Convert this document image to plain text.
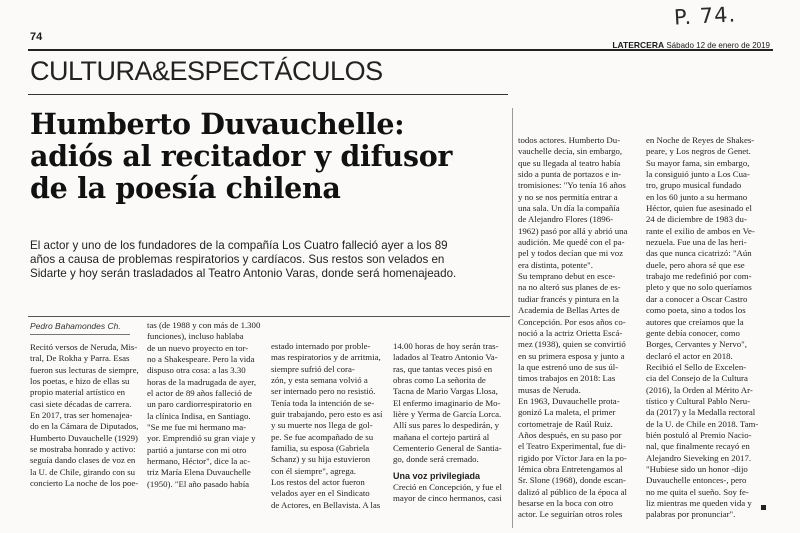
P. 74.
74
LATERCERA Sábado 12 de enero de 2019
CULTURA&ESPECTÁCULOS
Humberto Duvauchelle:
adiós al recitador y difusor
de la poesía chilena
El actor y uno de los fundadores de la compañía Los Cuatro falleció ayer a los 89
años a causa de problemas respiratorios y cardíacos. Sus restos son velados en
Sidarte y hoy serán trasladados al Teatro Antonio Varas, donde será homenajeado.
Pedro Bahamondes Ch.
Recitó versos de Neruda, Mis-
tral, De Rokha y Parra. Esas
fueron sus lecturas de siempre,
los poetas, e hizo de ellas su
propio material artístico en
casi siete décadas de carrera.
En 2017, tras ser homenajea-
do en la Cámara de Diputados,
Humberto Duvauchelle (1929)
se mostraba honrado y activo:
seguía dando clases de voz en
la U. de Chile, girando con su
concierto La noche de los poe-
tas (de 1988 y con más de 1.300
funciones), incluso hablaba
de un nuevo proyecto en tor-
no a Shakespeare. Pero la vida
dispuso otra cosa: a las 3.30
horas de la madrugada de ayer,
el actor de 89 años falleció de
un paro cardiorrespiratorio en
la clínica Indisa, en Santiago.
"Se me fue mi hermano ma-
yor. Emprendió su gran viaje y
partió a juntarse con mi otro
hermano, Héctor", dice la ac-
triz María Elena Duvauchelle
(1950). "El año pasado había
estado internado por proble-
mas respiratorios y de arritmia,
siempre sufrió del cora-
zón, y esta semana volvió a
ser internado pero no resistió.
Tenía toda la intención de se-
guir trabajando, pero esto es así
y su muerte nos llega de gol-
pe. Se fue acompañado de su
familia, su esposa (Gabriela
Schanz) y su hija estuvieron
con él siempre", agrega.
Los restos del actor fueron
velados ayer en el Sindicato
de Actores, en Bellavista. A las
14.00 horas de hoy serán tras-
ladados al Teatro Antonio Va-
ras, que tantas veces pisó en
obras como La señorita de
Tacna de Mario Vargas Llosa,
El enfermo imaginario de Mo-
lière y Yerma de García Lorca.
Allí sus pares lo despedirán, y
mañana el cortejo partirá al
Cementerio General de Santia-
go, donde será cremado.
Una voz privilegiada
Creció en Concepción, y fue el
mayor de cinco hermanos, casi
todos actores. Humberto Du-
vauchelle decía, sin embargo,
que su llegada al teatro había
sido a punta de portazos e in-
tromisiones: "Yo tenía 16 años
y no se nos permitía entrar a
una sala. Un día la compañía
de Alejandro Flores (1896-
1962) pasó por allá y abrió una
audición. Me quedé con el pa-
pel y todos decían que mi voz
era distinta, potente".
Su temprano debut en esce-
na no alteró sus planes de es-
tudiar francés y pintura en la
Academia de Bellas Artes de
Concepción. Por esos años co-
noció a la actriz Orietta Escá-
mez (1938), quien se convirtió
en su primera esposa y junto a
la que estrenó uno de sus úl-
timos trabajos en 2018: Las
musas de Neruda.
En 1963, Duvauchelle prota-
gonizó La maleta, el primer
cortometraje de Raúl Ruiz.
Años después, en su paso por
el Teatro Experimental, fue di-
rigido por Víctor Jara en la po-
lémica obra Entretengamos al
Sr. Slone (1968), donde escan-
dalizó al público de la época al
besarse en la boca con otro
actor. Le seguirían otros roles
en Noche de Reyes de Shakes-
peare, y Los negros de Genet.
Su mayor fama, sin embargo,
la consiguió junto a Los Cua-
tro, grupo musical fundado
en los 60 junto a su hermano
Héctor, quien fue asesinado el
24 de diciembre de 1983 du-
rante el exilio de ambos en Ve-
nezuela. Fue una de las heri-
das que nunca cicatrizó: "Aún
duele, pero ahora sé que ese
trabajo me redefinió por com-
pleto y que no solo queríamos
dar a conocer a Oscar Castro
como poeta, sino a todos los
autores que creíamos que la
gente debía conocer, como
Borges, Cervantes y Nervo",
declaró el actor en 2018.
Recibió el Sello de Excelen-
cia del Consejo de la Cultura
(2016), la Orden al Mérito Ar-
tístico y Cultural Pablo Neru-
da (2017) y la Medalla rectoral
de la U. de Chile en 2018. Tam-
bién postuló al Premio Nacio-
nal, que finalmente recayó en
Alejandro Sieveking en 2017.
"Hubiese sido un honor -dijo
Duvauchelle entonces-, pero
no me quita el sueño. Soy fe-
liz mientras me queden vida y
palabras por pronunciar".
